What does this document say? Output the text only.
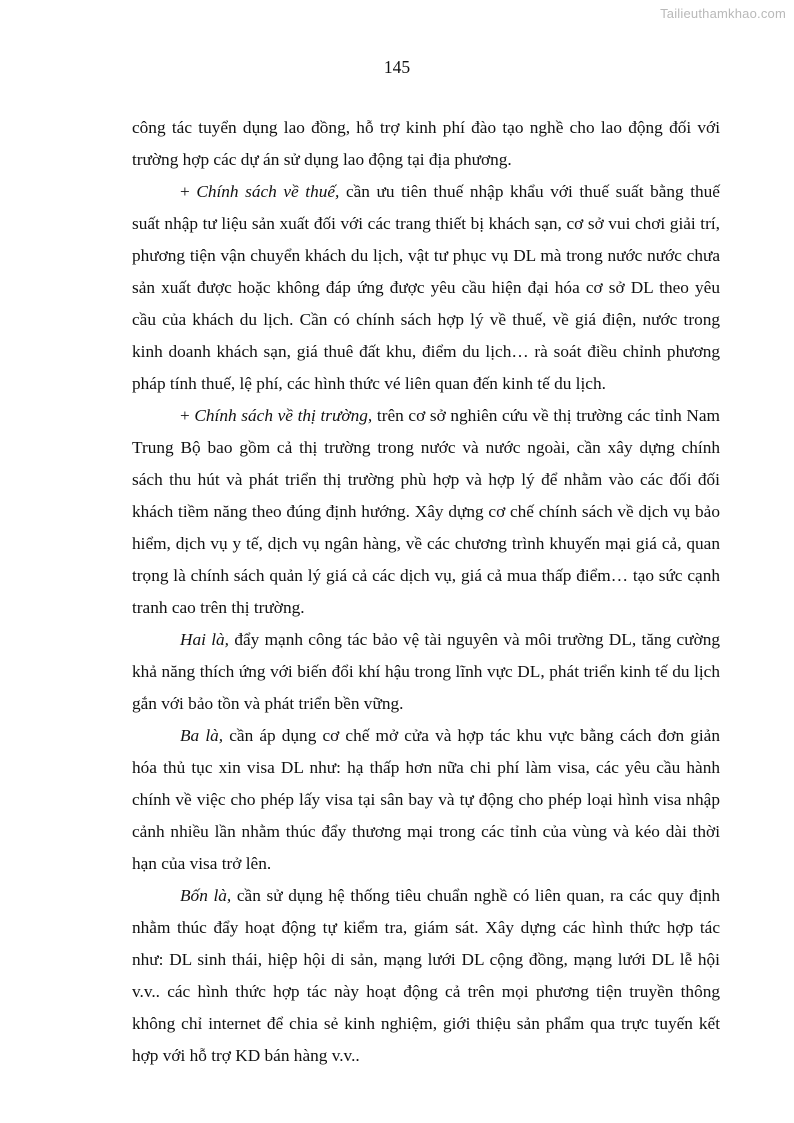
Tailieuthamkhao.com
145
công tác tuyển dụng lao đồng, hỗ trợ kinh phí đào tạo nghề cho lao động đối với
trường hợp các dự án sử dụng lao động tại địa phương.
+ Chính sách về thuế, cần ưu tiên thuế nhập khẩu với thuế suất bằng thuế
suất nhập tư liệu sản xuất đối với các trang thiết bị khách sạn, cơ sở vui chơi giải trí,
phương tiện vận chuyển khách du lịch, vật tư phục vụ DL mà trong nước nước chưa
sản xuất được hoặc không đáp ứng được yêu cầu hiện đại hóa cơ sở DL theo yêu
cầu của khách du lịch. Cần có chính sách hợp lý về thuế, về giá điện, nước trong
kinh doanh khách sạn, giá thuê đất khu, điểm du lịch… rà soát điều chỉnh phương
pháp tính thuế, lệ phí, các hình thức vé liên quan đến kinh tế du lịch.
+ Chính sách về thị trường, trên cơ sở nghiên cứu về thị trường các tỉnh Nam
Trung Bộ bao gồm cả thị trường trong nước và nước ngoài, cần xây dựng chính
sách thu hút và phát triển thị trường phù hợp và hợp lý để nhằm vào các đối đối
khách tiềm năng theo đúng định hướng. Xây dựng cơ chế chính sách về dịch vụ bảo
hiểm, dịch vụ y tế, dịch vụ ngân hàng, về các chương trình khuyến mại giá cả, quan
trọng là chính sách quản lý giá cả các dịch vụ, giá cả mua thấp điểm… tạo sức cạnh
tranh cao trên thị trường.
Hai là, đẩy mạnh công tác bảo vệ tài nguyên và môi trường DL, tăng cường
khả năng thích ứng với biến đổi khí hậu trong lĩnh vực DL, phát triển kinh tế du lịch
gắn với bảo tồn và phát triển bền vững.
Ba là, cần áp dụng cơ chế mở cửa và hợp tác khu vực bằng cách đơn giản
hóa thủ tục xin visa DL như: hạ thấp hơn nữa chi phí làm visa, các yêu cầu hành
chính về việc cho phép lấy visa tại sân bay và tự động cho phép loại hình visa nhập
cảnh nhiều lần nhằm thúc đẩy thương mại trong các tỉnh của vùng và kéo dài thời
hạn của visa trở lên.
Bốn là, cần sử dụng hệ thống tiêu chuẩn nghề có liên quan, ra các quy định
nhằm thúc đẩy hoạt động tự kiểm tra, giám sát. Xây dựng các hình thức hợp tác
như: DL sinh thái, hiệp hội di sản, mạng lưới DL cộng đồng, mạng lưới DL lễ hội
v.v.. các hình thức hợp tác này hoạt động cả trên mọi phương tiện truyền thông
không chỉ internet để chia sẻ kinh nghiệm, giới thiệu sản phẩm qua trực tuyến kết
hợp với hỗ trợ KD bán hàng v.v..
